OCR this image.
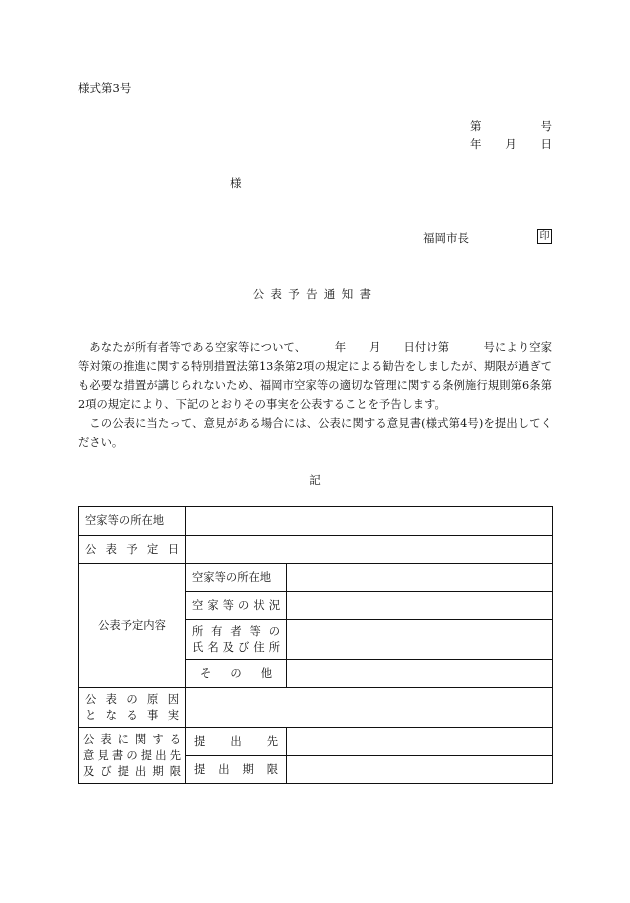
様式第3号
第	号
年 月 日
様
福岡市長	印
公表予告通知書

あなたが所有者等である空家等について、　　　年　　月　　日付け第　　　号により空家等対策の推進に関する特別措置法第13条第2項の規定による勧告をしましたが、期限が過ぎても必要な措置が講じられないため、福岡市空家等の適切な管理に関する条例施行規則第6条第2項の規定により、下記のとおりその事実を公表することを予告します。

この公表に当たって、意見がある場合には、公表に関する意見書(様式第4号)を提出してください。

記
空家等の所在地		

公表予定日		

公表予定内容	空家等の所在地	

	空家等の状況	

	所有者等の
氏名及び住所	

	その他	

公表の原因
となる事実		

公表に関する
意見書の提出先
及び提出期限	提出先	

	提出期限	
